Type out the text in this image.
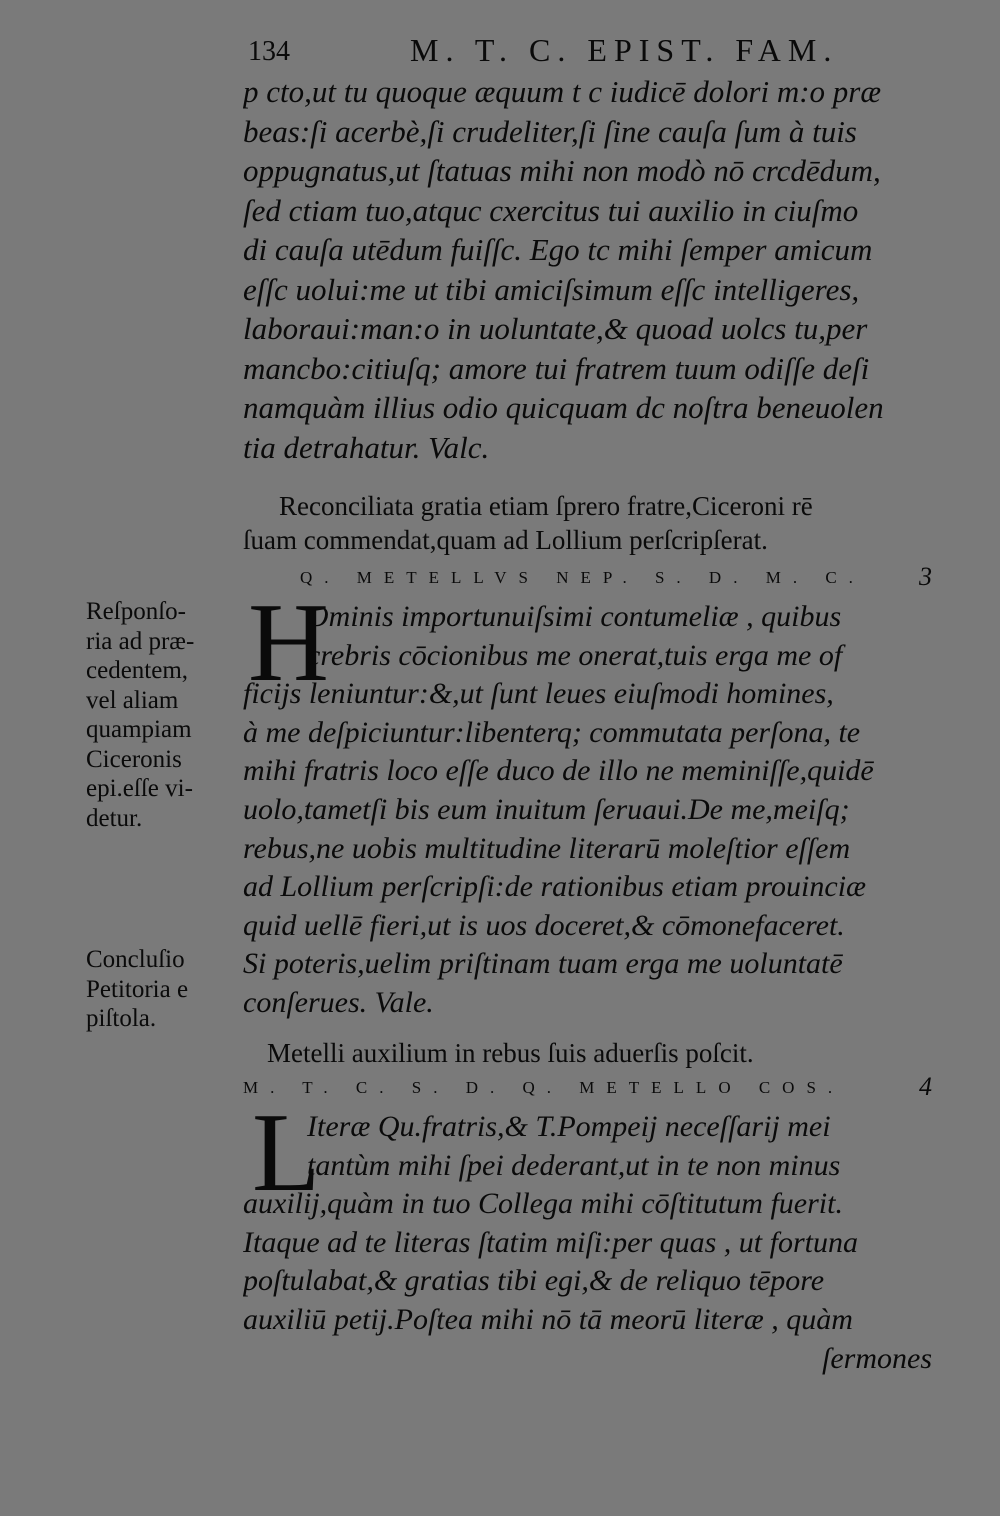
134	M. T. C. EPIST. FAM.
p cto,ut tu quoque æquum t c iudicē dolori m:o præ
beas:ſi acerbè,ſi crudeliter,ſi ſine cauſa ſum à tuis
oppugnatus,ut ſtatuas mihi non modò nō crcdēdum,
ſed ctiam tuo,atquc cxercitus tui auxilio in ciuſmo
di cauſa utēdum fuiſſc. Ego tc mihi ſemper amicum
eſſc uolui:me ut tibi amiciſsimum eſſc intelligeres,
laboraui:man:o in uoluntate,& quoad uolcs tu,per
mancbo:citiuſq; amore tui fratrem tuum odiſſe deſi
namquàm illius odio quicquam dc noſtra beneuolen
tia detrahatur. Valc.
Reconciliata gratia etiam ſprero fratre,Ciceroni rē
ſuam commendat,quam ad Lollium perſcripſerat.
Q. METELLVS NEP. S. D. M. C. 3
H
Ominis importunuiſsimi contumeliæ , quibus
crebris cōcionibus me onerat,tuis erga me of
ficijs leniuntur:&,ut ſunt leues eiuſmodi homines,
à me deſpiciuntur:libenterq; commutata perſona, te
mihi fratris loco eſſe duco de illo ne meminiſſe,quidē
uolo,tametſi bis eum inuitum ſeruaui.De me,meiſq;
rebus,ne uobis multitudine literarū moleſtior eſſem
ad Lollium perſcripſi:de rationibus etiam prouinciæ
quid uellē fieri,ut is uos doceret,& cōmonefaceret.
Si poteris,uelim priſtinam tuam erga me uoluntatē
conſerues. Vale.
Reſponſo-
ria ad præ-
cedentem,
vel aliam
quampiam
Ciceronis
epi.eſſe vi-
detur.
Concluſio
Petitoria e
piſtola.
Metelli auxilium in rebus ſuis aduerſis poſcit.
M. T. C. S. D. Q. METELLO COS.	4
L
Iteræ Qu.fratris,& T.Pompeij neceſſarij mei
tantùm mihi ſpei dederant,ut in te non minus
auxilij,quàm in tuo Collega mihi cōſtitutum fuerit.
Itaque ad te literas ſtatim miſi:per quas , ut fortuna
poſtulabat,& gratias tibi egi,& de reliquo tēpore
auxiliū petij.Poſtea mihi nō tā meorū literæ , quàm
ſermones
